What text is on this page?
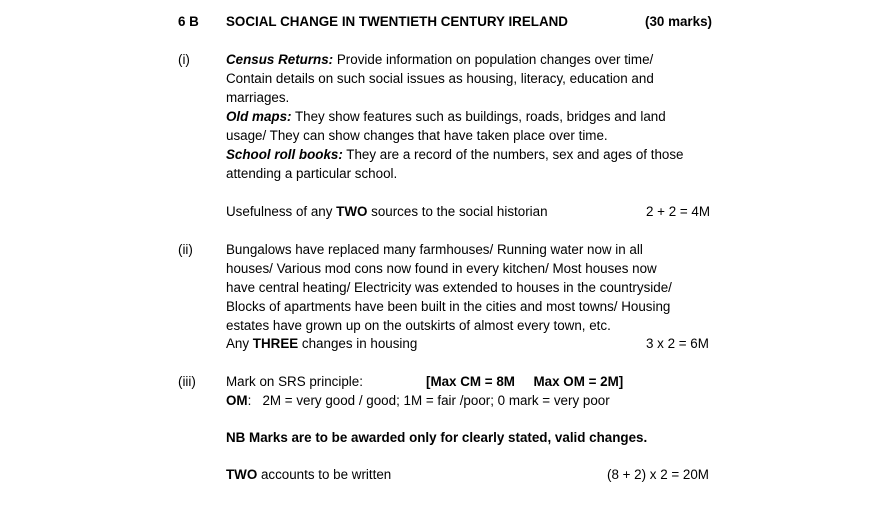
6 B SOCIAL CHANGE IN TWENTIETH CENTURY IRELAND	(30 marks)
(i)	Census Returns: Provide information on population changes over time/
Contain details on such social issues as housing, literacy, education and
marriages.
Old maps: They show features such as buildings, roads, bridges and land
usage/ They can show changes that have taken place over time.
School roll books: They are a record of the numbers, sex and ages of those
attending a particular school.
Usefulness of any TWO sources to the social historian	2 + 2 = 4M
(ii) Bungalows have replaced many farmhouses/ Running water now in all
houses/ Various mod cons now found in every kitchen/ Most houses now
have central heating/ Electricity was extended to houses in the countryside/
Blocks of apartments have been built in the cities and most towns/ Housing
estates have grown up on the outskirts of almost every town, etc.
Any THREE changes in housing	3 x 2 = 6M
(iii) Mark on SRS principle:	[Max CM = 8M     Max OM = 2M]
OM:   2M = very good / good; 1M = fair /poor; 0 mark = very poor
NB Marks are to be awarded only for clearly stated, valid changes.
TWO accounts to be written	(8 + 2) x 2 = 20M
